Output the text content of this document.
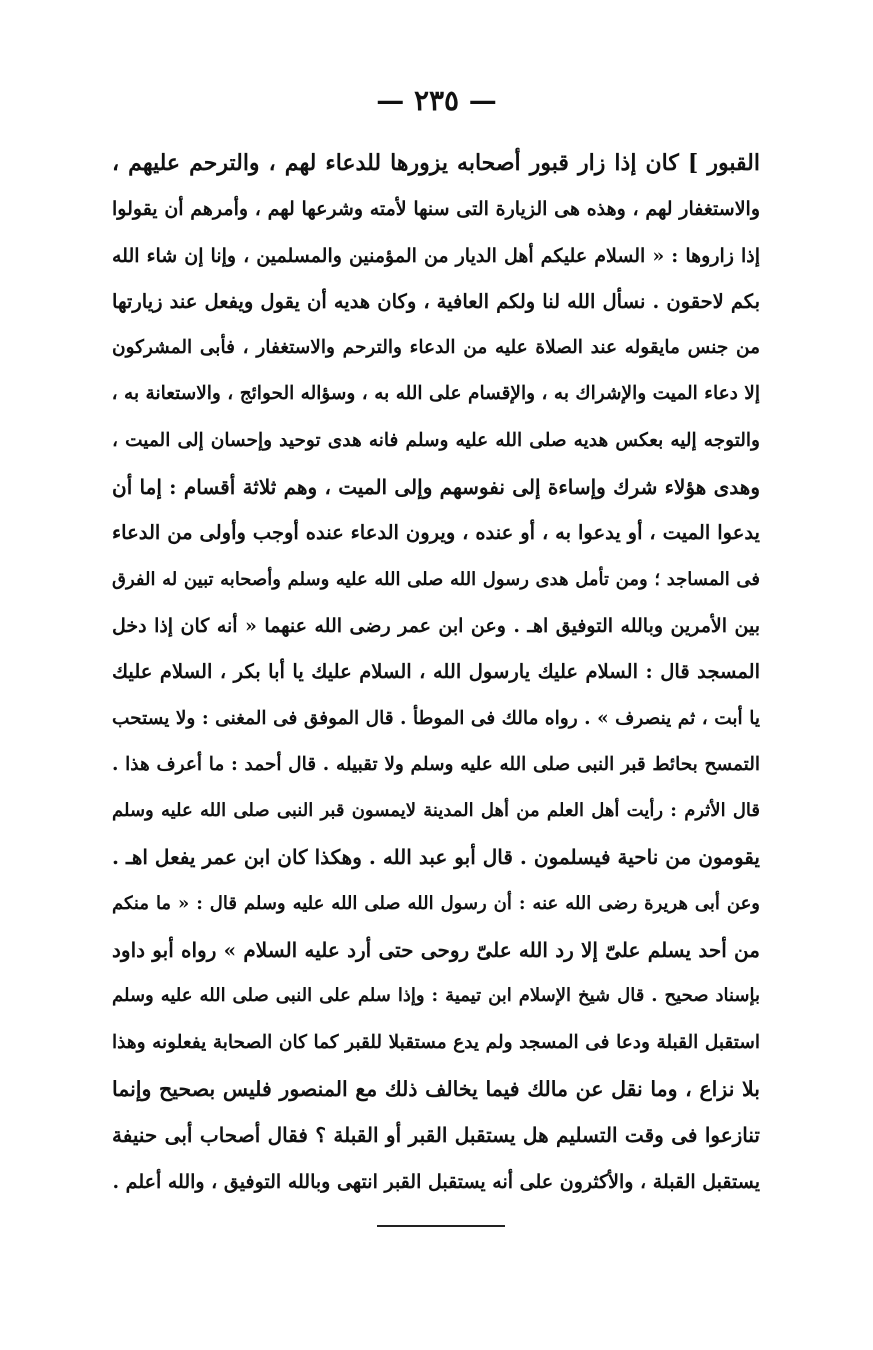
— ٢٣٥ —
القبور ] كان إذا زار قبور أصحابه يزورها للدعاء لهم ، والترحم عليهم ،
والاستغفار لهم ، وهذه هى الزيارة التى سنها لأمته وشرعها لهم ، وأمرهم أن يقولوا
إذا زاروها : « السلام عليكم أهل الديار من المؤمنين والمسلمين ، وإنا إن شاء الله
بكم لاحقون . نسأل الله لنا ولكم العافية ، وكان هديه أن يقول ويفعل عند زيارتها
من جنس مايقوله عند الصلاة عليه من الدعاء والترحم والاستغفار ، فأبى المشركون
إلا دعاء الميت والإشراك به ، والإقسام على الله به ، وسؤاله الحوائج ، والاستعانة به ،
والتوجه إليه بعكس هديه صلى الله عليه وسلم فانه هدى توحيد وإحسان إلى الميت ،
وهدى هؤلاء شرك وإساءة إلى نفوسهم وإلى الميت ، وهم ثلاثة أقسام : إما أن
يدعوا الميت ، أو يدعوا به ، أو عنده ، ويرون الدعاء عنده أوجب وأولى من الدعاء
فى المساجد ؛ ومن تأمل هدى رسول الله صلى الله عليه وسلم وأصحابه تبين له الفرق
بين الأمرين وبالله التوفيق اهـ . وعن ابن عمر رضى الله عنهما « أنه كان إذا دخل
المسجد قال : السلام عليك يارسول الله ، السلام عليك يا أبا بكر ، السلام عليك
يا أبت ، ثم ينصرف » . رواه مالك فى الموطأ . قال الموفق فى المغنى : ولا يستحب
التمسح بحائط قبر النبى صلى الله عليه وسلم ولا تقبيله . قال أحمد : ما أعرف هذا .
قال الأثرم : رأيت أهل العلم من أهل المدينة لايمسون قبر النبى صلى الله عليه وسلم
يقومون من ناحية فيسلمون . قال أبو عبد الله . وهكذا كان ابن عمر يفعل اهـ .
وعن أبى هريرة رضى الله عنه : أن رسول الله صلى الله عليه وسلم قال : « ما منكم
من أحد يسلم علىّ إلا رد الله علىّ روحى حتى أرد عليه السلام » رواه أبو داود
بإسناد صحيح . قال شيخ الإسلام ابن تيمية : وإذا سلم على النبى صلى الله عليه وسلم
استقبل القبلة ودعا فى المسجد ولم يدع مستقبلا للقبر كما كان الصحابة يفعلونه وهذا
بلا نزاع ، وما نقل عن مالك فيما يخالف ذلك مع المنصور فليس بصحيح وإنما
تنازعوا فى وقت التسليم هل يستقبل القبر أو القبلة ؟ فقال أصحاب أبى حنيفة
يستقبل القبلة ، والأكثرون على أنه يستقبل القبر انتهى وبالله التوفيق ، والله أعلم .
